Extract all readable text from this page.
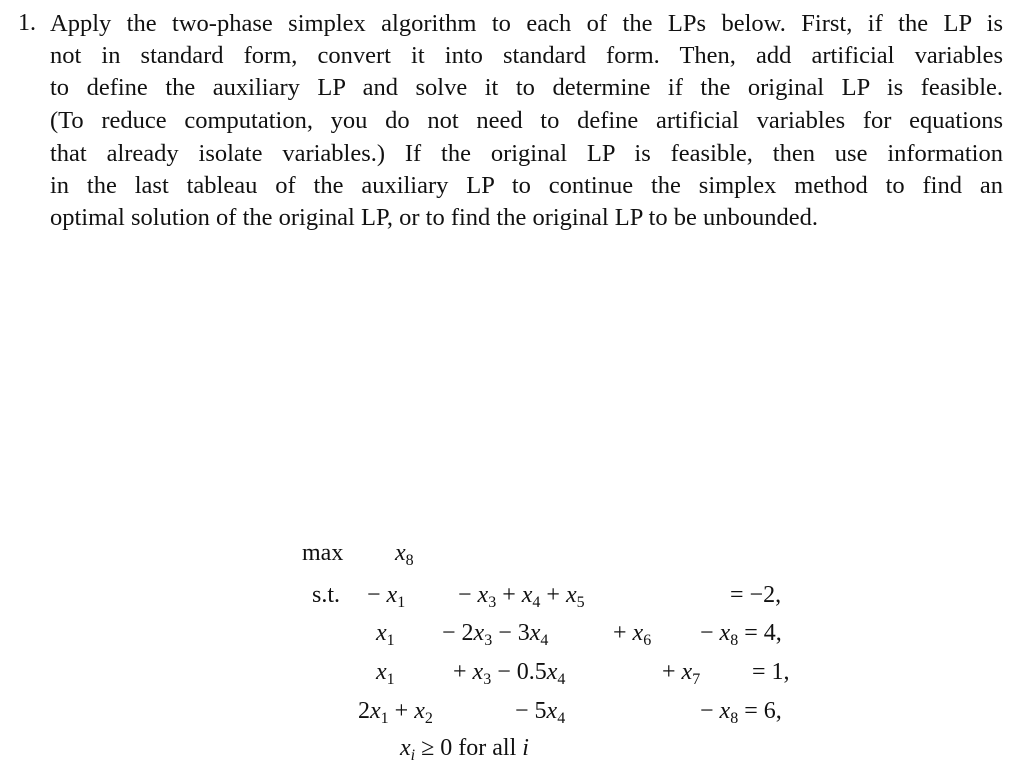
1. Apply the two-phase simplex algorithm to each of the LPs below. First, if the LP is
not in standard form, convert it into standard form. Then, add artificial variables
to define the auxiliary LP and solve it to determine if the original LP is feasible.
(To reduce computation, you do not need to define artificial variables for equations
that already isolate variables.) If the original LP is feasible, then use information
in the last tableau of the auxiliary LP to continue the simplex method to find an
optimal solution of the original LP, or to find the original LP to be unbounded.
$\max x_8$
s.t. − $x_1 - x_3 + x_4 + x_5$	= −2,
$x_1 - 2x_3 - 3x_4$	+ $x_6 - x_8 = 4$,
$x_1 + x_3 - 0.5x_4$	+ $x_7 = 1$,
$2x_1 + x_2$	− $5x_4$	− $x_8 = 6$,
$x_i \ge 0$ for all i
